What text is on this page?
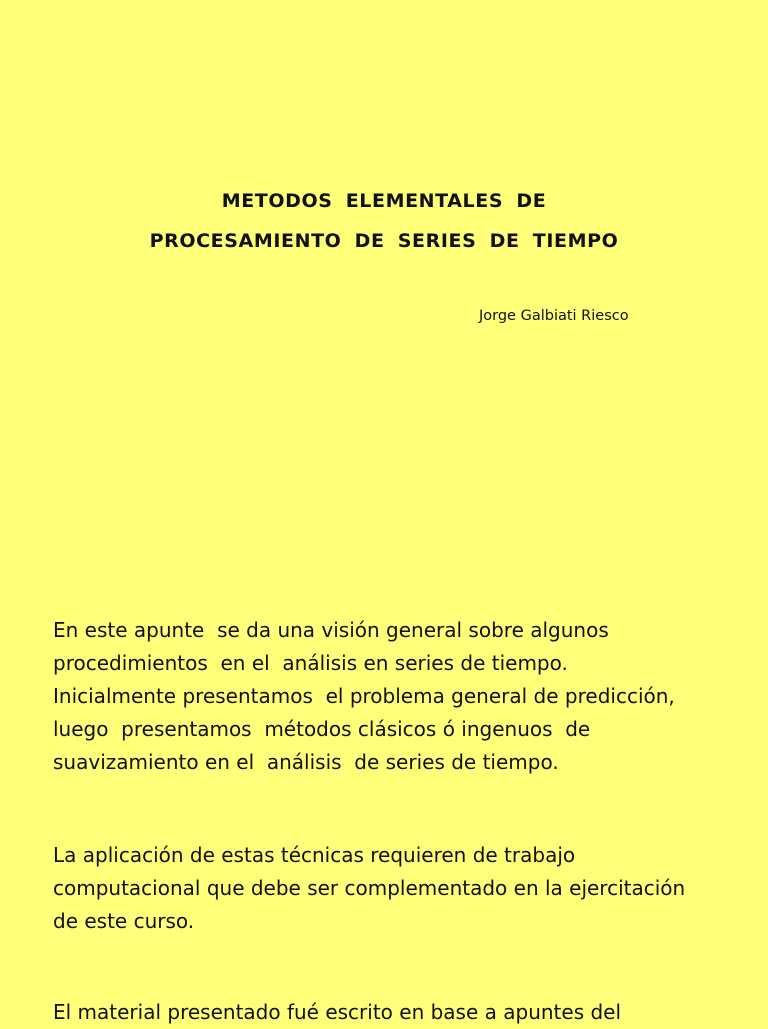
METODOS ELEMENTALES DE
PROCESAMIENTO DE SERIES DE TIEMPO
Jorge Galbiati Riesco
En este apunte  se da una visión general sobre algunos
procedimientos  en el  análisis en series de tiempo.
Inicialmente presentamos  el problema general de predicción,
luego  presentamos  métodos clásicos ó ingenuos  de
suavizamiento en el  análisis  de series de tiempo.
La aplicación de estas técnicas requieren de trabajo
computacional que debe ser complementado en la ejercitación
de este curso.
El material presentado fué escrito en base a apuntes del
